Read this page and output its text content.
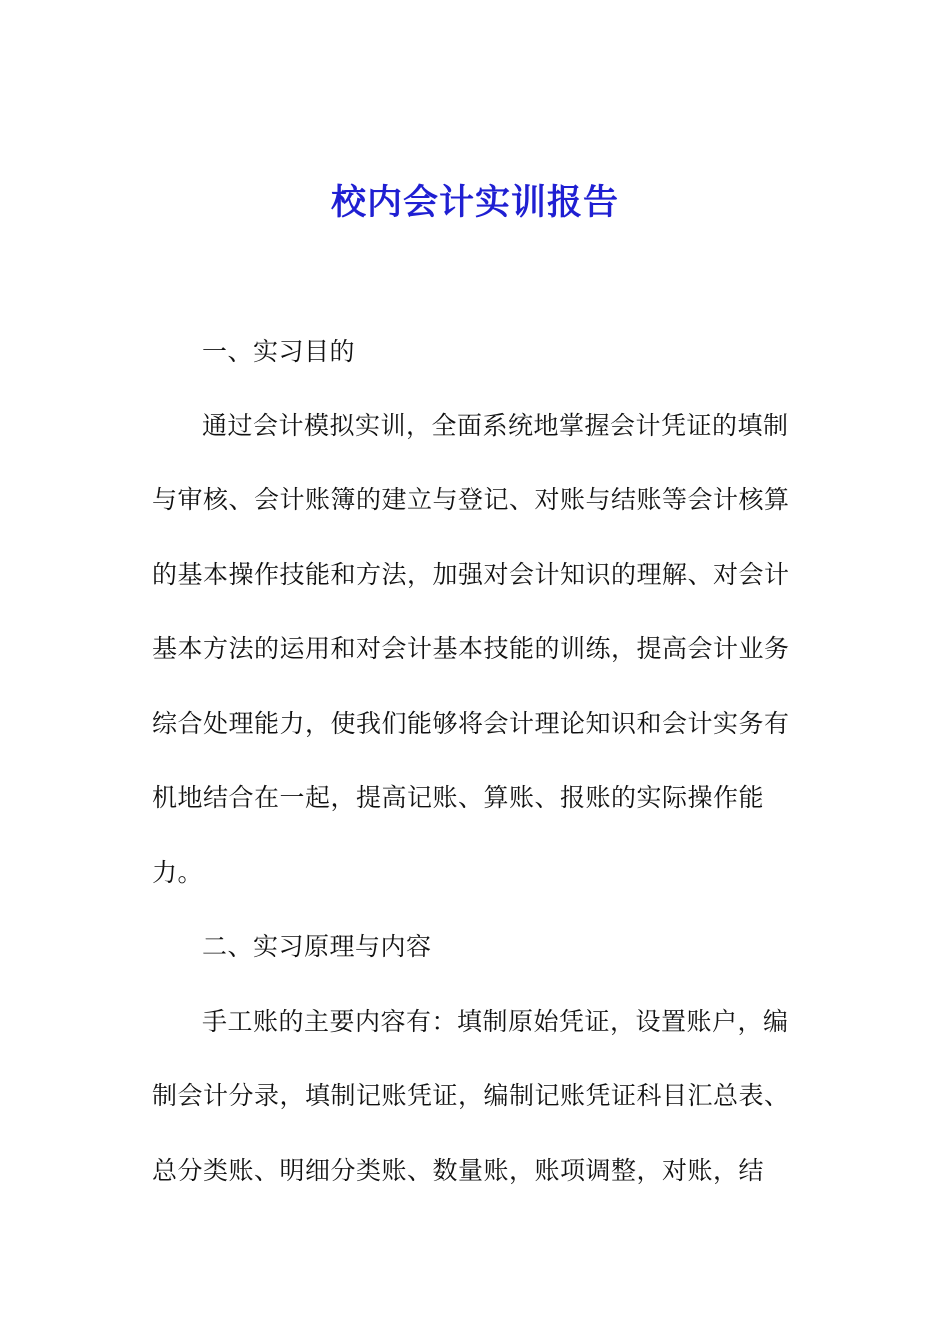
校内会计实训报告
一、实习目的
通过会计模拟实训，全面系统地掌握会计凭证的填制
与审核、会计账簿的建立与登记、对账与结账等会计核算
的基本操作技能和方法，加强对会计知识的理解、对会计
基本方法的运用和对会计基本技能的训练，提高会计业务
综合处理能力，使我们能够将会计理论知识和会计实务有
机地结合在一起，提高记账、算账、报账的实际操作能
力。
二、实习原理与内容
手工账的主要内容有：填制原始凭证，设置账户，编
制会计分录，填制记账凭证，编制记账凭证科目汇总表、
总分类账、明细分类账、数量账，账项调整，对账，结
